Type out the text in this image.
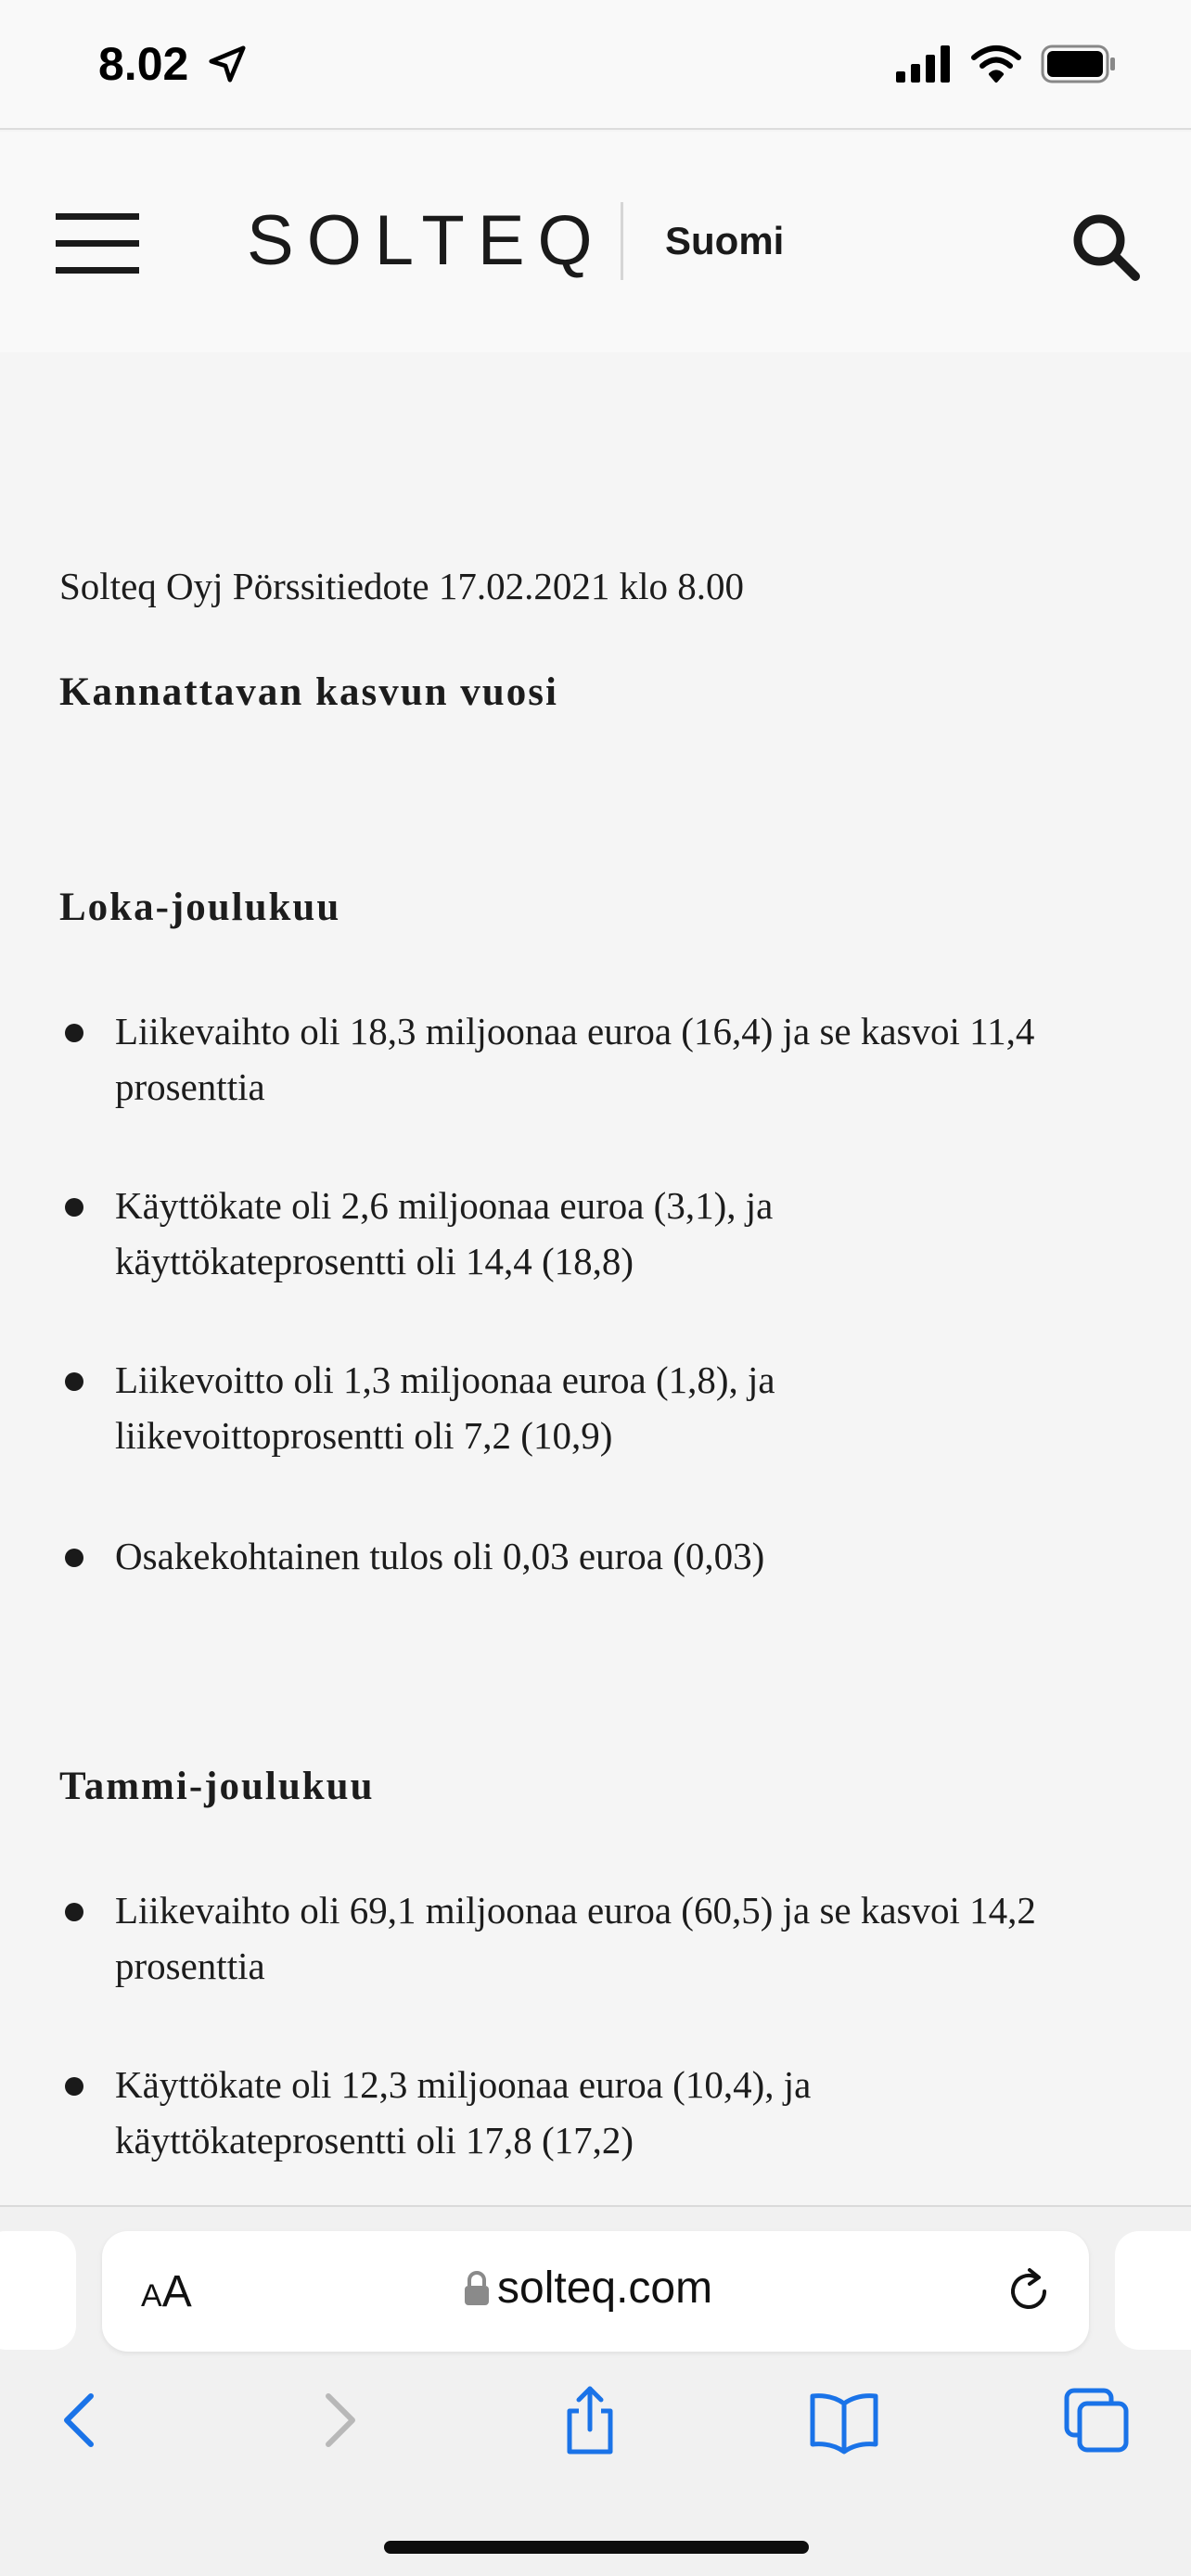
8.02
SOLTEQ Suomi

Solteq Oyj Pörssitiedote 17.02.2021 klo 8.00

Kannattavan kasvun vuosi
Loka-joulukuu

Liikevaihto oli 18,3 miljoonaa euroa (16,4) ja se kasvoi 11,4

prosenttia

Käyttökate oli 2,6 miljoonaa euroa (3,1), ja

käyttökateprosentti oli 14,4 (18,8)

Liikevoitto oli 1,3 miljoonaa euroa (1,8), ja

liikevoittoprosentti oli 7,2 (10,9)

Osakekohtainen tulos oli 0,03 euroa (0,03)

Tammi-joulukuu

Liikevaihto oli 69,1 miljoonaa euroa (60,5) ja se kasvoi 14,2

prosenttia

Käyttökate oli 12,3 miljoonaa euroa (10,4), ja

käyttökateprosentti oli 17,8 (17,2)

AA	solteq.com
